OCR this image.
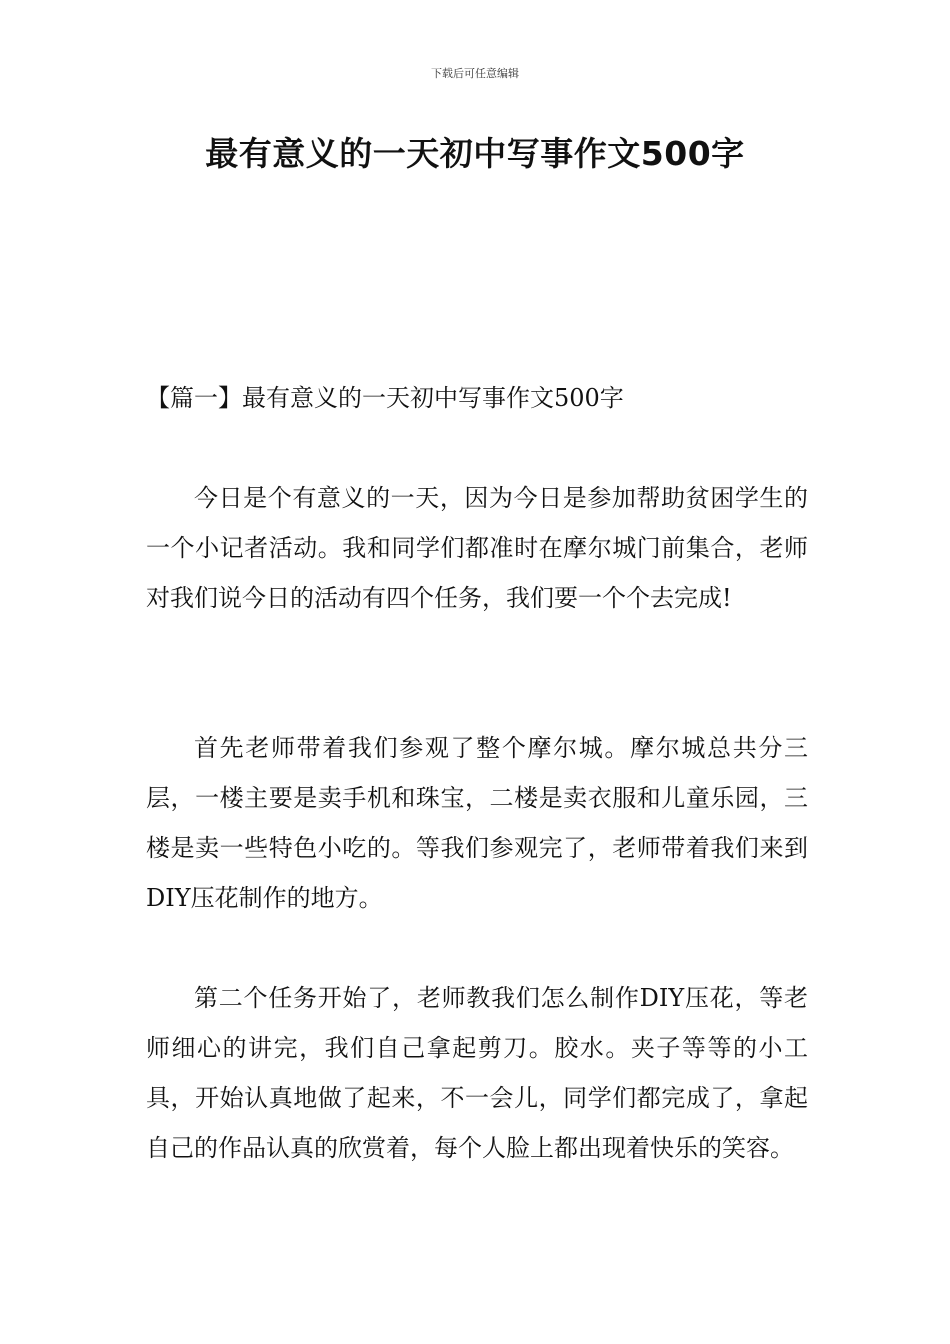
下载后可任意编辑
最有意义的一天初中写事作文500字
【篇一】最有意义的一天初中写事作文500字

今日是个有意义的一天，因为今日是参加帮助贫困学生的一个小记者活动。我和同学们都准时在摩尔城门前集合，老师对我们说今日的活动有四个任务，我们要一个个去完成!

首先老师带着我们参观了整个摩尔城。摩尔城总共分三层，一楼主要是卖手机和珠宝，二楼是卖衣服和儿童乐园，三楼是卖一些特色小吃的。等我们参观完了，老师带着我们来到DIY压花制作的地方。

第二个任务开始了，老师教我们怎么制作DIY压花，等老师细心的讲完，我们自己拿起剪刀。胶水。夹子等等的小工具，开始认真地做了起来，不一会儿，同学们都完成了，拿起自己的作品认真的欣赏着，每个人脸上都出现着快乐的笑容。
